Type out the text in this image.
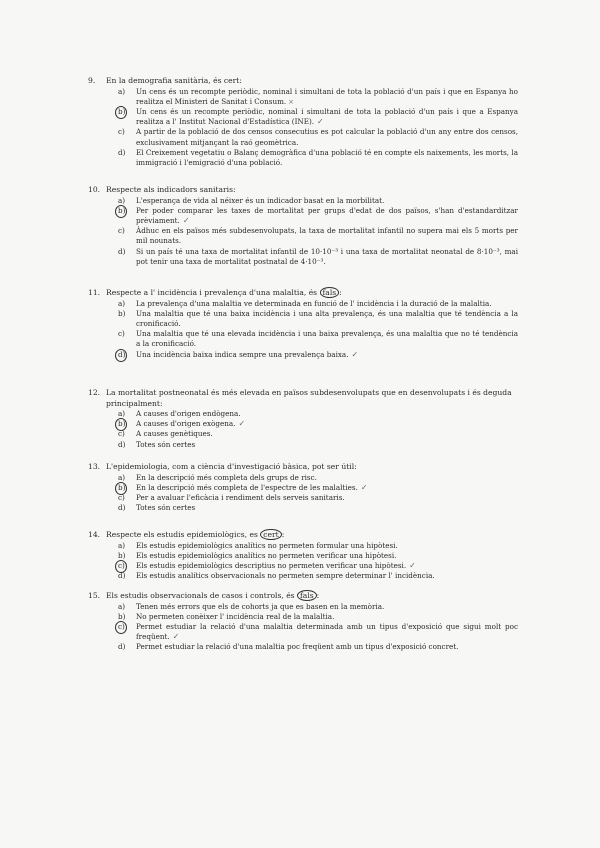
9.	En la demografia sanitària, és cert:
a)	Un cens és un recompte periòdic, nominal i simultani de tota la població d'un país i que en Espanya ho realitza el Ministeri de Sanitat i Consum. ×
b)	Un cens és un recompte periòdic, nominal i simultani de tota la població d'un país i que a Espanya realitza a l' Institut Nacional d'Estadística (INE). ✓
c)	A partir de la població de dos censos consecutius es pot calcular la població d'un any entre dos censos, exclusivament mitjançant la raó geomètrica.
d)	El Creixement vegetatiu o Balanç demogràfica d'una població té en compte els naixements, les morts, la immigració i l'emigració d'una població.
10. Respecte als indicadors sanitaris:
a)	L'esperança de vida al néixer és un indicador basat en la morbilitat.
b)	Per poder comparar les taxes de mortalitat per grups d'edat de dos països, s'han d'estandarditzar prèviament. ✓
c)	Àdhuc en els països més subdesenvolupats, la taxa de mortalitat infantil no supera mai els 5 morts per mil nounats.
d)	Si un país té una taxa de mortalitat infantil de 10·10⁻³ i una taxa de mortalitat neonatal de 8·10⁻³, mai pot tenir una taxa de mortalitat postnatal de 4·10⁻³.
11. Respecte a l' incidència i prevalença d'una malaltia, és fals :
a)	La prevalença d'una malaltia ve determinada en funció de l' incidència i la duració de la malaltia.
b)	Una malaltia que té una baixa incidència i una alta prevalença, és una malaltia que té tendència a la cronificació.
c)	Una malaltia que té una elevada incidència i una baixa prevalença, és una malaltia que no té tendència a la cronificació.
d)	Una incidència baixa indica sempre una prevalença baixa. ✓
12. La mortalitat postneonatal és més elevada en països subdesenvolupats que en desenvolupats i és deguda principalment:
a)	A causes d'origen endògena.
b)	A causes d'origen exògena. ✓
c)	A causes genètiques.
d)	Totes són certes
13. L'epidemiologia, com a ciència d'investigació bàsica, pot ser útil:
a)	En la descripció més completa dels grups de risc.
b)	En la descripció més completa de l'espectre de les malalties. ✓
c)	Per a avaluar l'eficàcia i rendiment dels serveis sanitaris.
d)	Totes són certes
14. Respecte els estudis epidemiològics, es cert :
a)	Els estudis epidemiològics analítics no permeten formular una hipòtesi.
b)	Els estudis epidemiològics analítics no permeten verificar una hipòtesi.
c)	Els estudis epidemiològics descriptius no permeten verificar una hipòtesi. ✓
d)	Els estudis analítics observacionals no permeten sempre determinar l' incidència.
15. Els estudis observacionals de casos i controls, és fals :
a)	Tenen més errors que els de cohorts ja que es basen en la memòria.
b)	No permeten conèixer l' incidència real de la malaltia.
c)	Permet estudiar la relació d'una malaltia determinada amb un tipus d'exposició que sigui molt poc freqüent. ✓
d)	Permet estudiar la relació d'una malaltia poc freqüent amb un tipus d'exposició concret.
